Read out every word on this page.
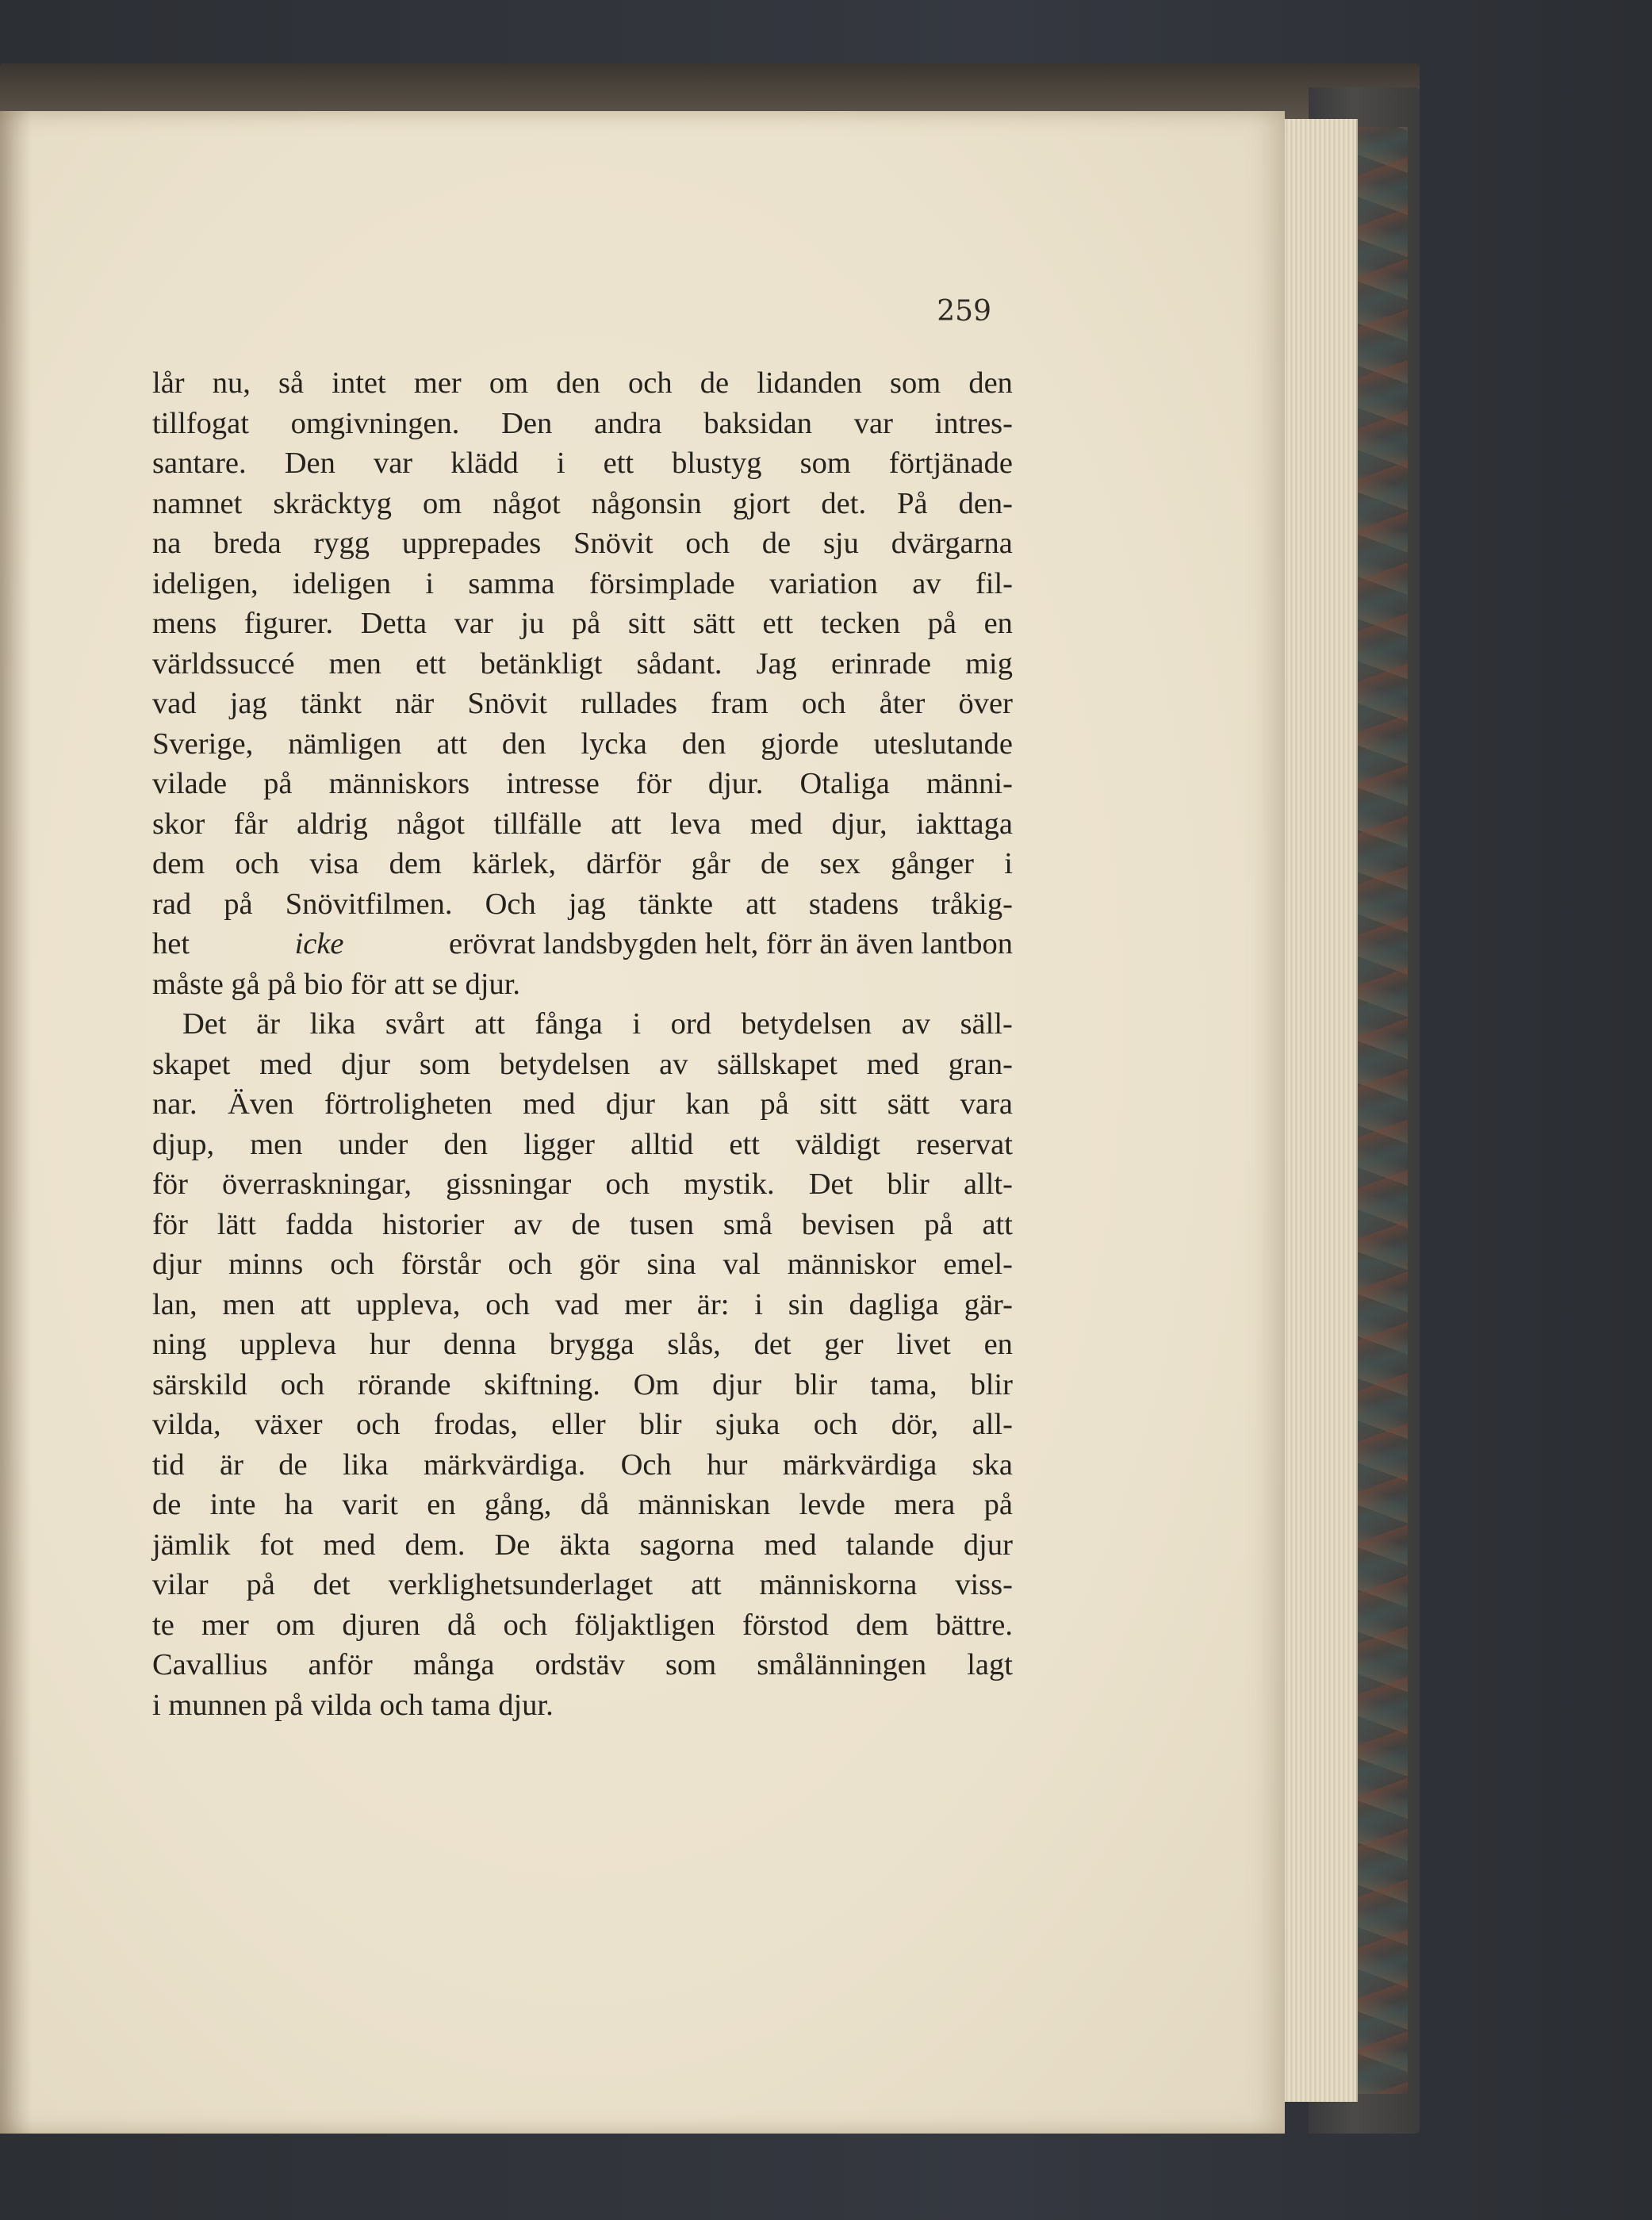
259
lår nu, så intet mer om den och de lidanden som den
tillfogat omgivningen. Den andra baksidan var intres-
santare. Den var klädd i ett blustyg som förtjänade
namnet skräcktyg om något någonsin gjort det. På den-
na breda rygg upprepades Snövit och de sju dvärgarna
ideligen, ideligen i samma försimplade variation av fil-
mens figurer. Detta var ju på sitt sätt ett tecken på en
världssuccé men ett betänkligt sådant. Jag erinrade mig
vad jag tänkt när Snövit rullades fram och åter över
Sverige, nämligen att den lycka den gjorde uteslutande
vilade på människors intresse för djur. Otaliga männi-
skor får aldrig något tillfälle att leva med djur, iakttaga
dem och visa dem kärlek, därför går de sex gånger i
rad på Snövitfilmen. Och jag tänkte att stadens tråkig-
het	icke	erövrat landsbygden helt, förr än även lantbon
måste gå på bio för att se djur.
Det är lika svårt att fånga i ord betydelsen av säll-
skapet med djur som betydelsen av sällskapet med gran-
nar. Även förtroligheten med djur kan på sitt sätt vara
djup, men under den ligger alltid ett väldigt reservat
för överraskningar, gissningar och mystik. Det blir allt-
för lätt fadda historier av de tusen små bevisen på att
djur minns och förstår och gör sina val människor emel-
lan, men att uppleva, och vad mer är: i sin dagliga gär-
ning uppleva hur denna brygga slås, det ger livet en
särskild och rörande skiftning. Om djur blir tama, blir
vilda, växer och frodas, eller blir sjuka och dör, all-
tid är de lika märkvärdiga. Och hur märkvärdiga ska
de inte ha varit en gång, då människan levde mera på
jämlik fot med dem. De äkta sagorna med talande djur
vilar på det verklighetsunderlaget att människorna viss-
te mer om djuren då och följaktligen förstod dem bättre.
Cavallius anför många ordstäv som smålänningen lagt
i munnen på vilda och tama djur.
